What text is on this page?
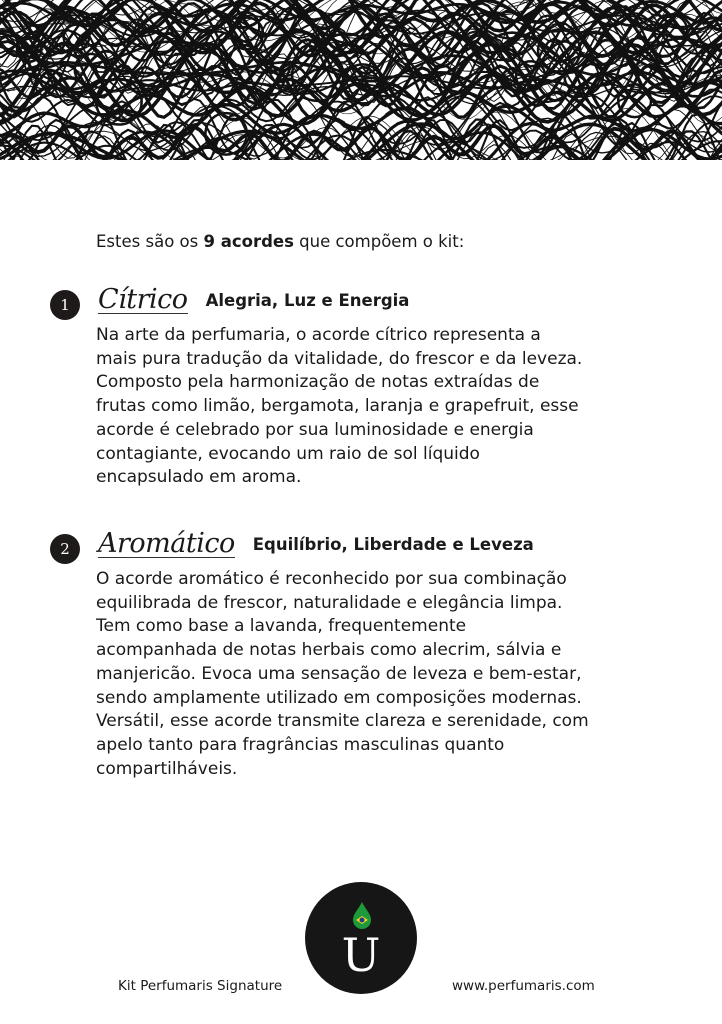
Estes são os 9 acordes que compõem o kit:
1	Cítrico Alegria, Luz e Energia
Na arte da perfumaria, o acorde cítrico representa a
mais pura tradução da vitalidade, do frescor e da leveza.
Composto pela harmonização de notas extraídas de
frutas como limão, bergamota, laranja e grapefruit, esse
acorde é celebrado por sua luminosidade e energia
contagiante, evocando um raio de sol líquido
encapsulado em aroma.
2	Aromático Equilíbrio, Liberdade e Leveza
O acorde aromático é reconhecido por sua combinação
equilibrada de frescor, naturalidade e elegância limpa.
Tem como base a lavanda, frequentemente
acompanhada de notas herbais como alecrim, sálvia e
manjericão. Evoca uma sensação de leveza e bem-estar,
sendo amplamente utilizado em composições modernas.
Versátil, esse acorde transmite clareza e serenidade, com
apelo tanto para fragrâncias masculinas quanto
compartilháveis.
U
Kit Perfumaris Signature	www.perfumaris.com
